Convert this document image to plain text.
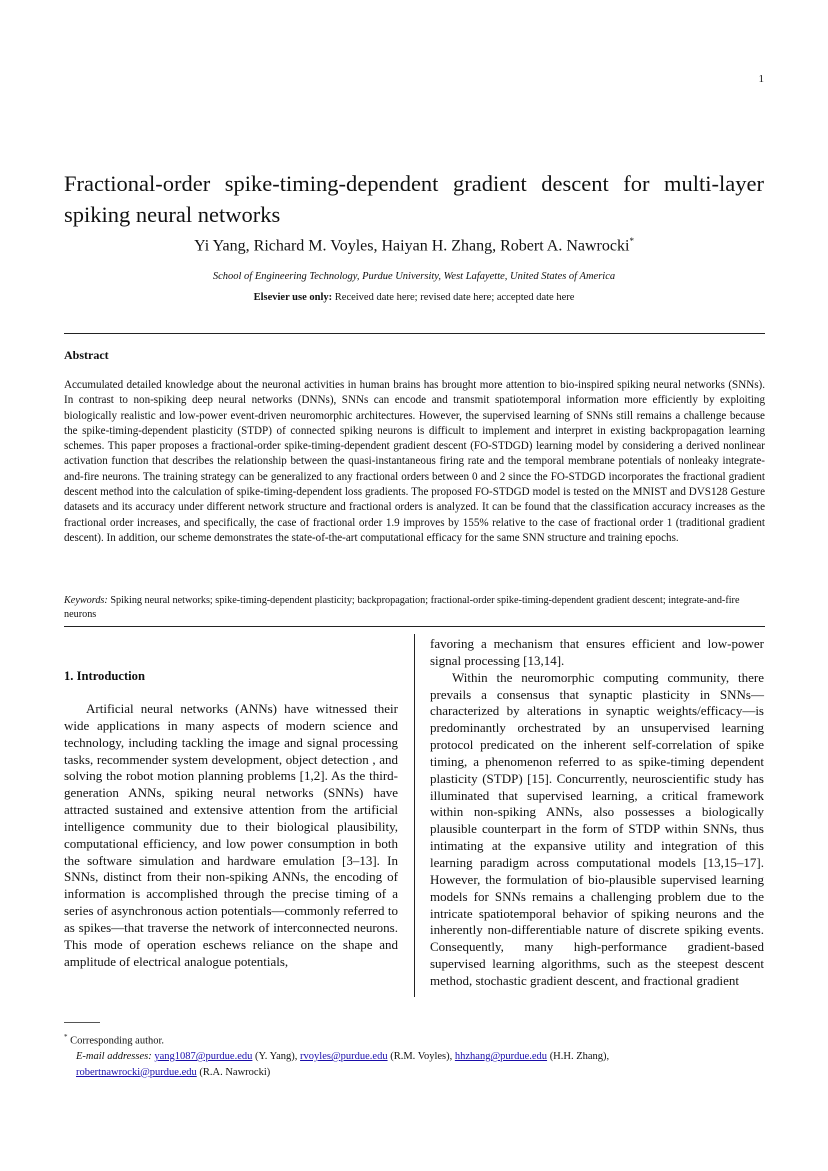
1
Fractional-order spike-timing-dependent gradient descent for multi-layer spiking neural networks
Yi Yang, Richard M. Voyles, Haiyan H. Zhang, Robert A. Nawrocki*
School of Engineering Technology, Purdue University, West Lafayette, United States of America
Elsevier use only: Received date here; revised date here; accepted date here
Abstract
Accumulated detailed knowledge about the neuronal activities in human brains has brought more attention to bio-inspired spiking neural networks (SNNs). In contrast to non-spiking deep neural networks (DNNs), SNNs can encode and transmit spatiotemporal information more efficiently by exploiting biologically realistic and low-power event-driven neuromorphic architectures. However, the supervised learning of SNNs still remains a challenge because the spike-timing-dependent plasticity (STDP) of connected spiking neurons is difficult to implement and interpret in existing backpropagation learning schemes. This paper proposes a fractional-order spike-timing-dependent gradient descent (FO-STDGD) learning model by considering a derived nonlinear activation function that describes the relationship between the quasi-instantaneous firing rate and the temporal membrane potentials of nonleaky integrate-and-fire neurons. The training strategy can be generalized to any fractional orders between 0 and 2 since the FO-STDGD incorporates the fractional gradient descent method into the calculation of spike-timing-dependent loss gradients. The proposed FO-STDGD model is tested on the MNIST and DVS128 Gesture datasets and its accuracy under different network structure and fractional orders is analyzed. It can be found that the classification accuracy increases as the fractional order increases, and specifically, the case of fractional order 1.9 improves by 155% relative to the case of fractional order 1 (traditional gradient descent). In addition, our scheme demonstrates the state-of-the-art computational efficacy for the same SNN structure and training epochs.
Keywords: Spiking neural networks; spike-timing-dependent plasticity; backpropagation; fractional-order spike-timing-dependent gradient descent; integrate-and-fire neurons
1. Introduction

Artificial neural networks (ANNs) have witnessed their wide applications in many aspects of modern science and technology, including tackling the image and signal processing tasks, recommender system development, object detection , and solving the robot motion planning problems [1,2]. As the third-generation ANNs, spiking neural networks (SNNs) have attracted sustained and extensive attention from the artificial intelligence community due to their biological plausibility, computational efficiency, and low power consumption in both the software simulation and hardware emulation [3–13]. In SNNs, distinct from their non-spiking ANNs, the encoding of information is accomplished through the precise timing of a series of asynchronous action potentials—commonly referred to as spikes—that traverse the network of interconnected neurons. This mode of operation eschews reliance on the shape and amplitude of electrical analogue potentials,

favoring a mechanism that ensures efficient and low-power signal processing [13,14].

Within the neuromorphic computing community, there prevails a consensus that synaptic plasticity in SNNs—characterized by alterations in synaptic weights/efficacy—is predominantly orchestrated by an unsupervised learning protocol predicated on the inherent self-correlation of spike timing, a phenomenon referred to as spike-timing dependent plasticity (STDP) [15]. Concurrently, neuroscientific study has illuminated that supervised learning, a critical framework within non-spiking ANNs, also possesses a biologically plausible counterpart in the form of STDP within SNNs, thus intimating at the expansive utility and integration of this learning paradigm across computational models [13,15–17]. However, the formulation of bio-plausible supervised learning models for SNNs remains a challenging problem due to the intricate spatiotemporal behavior of spiking neurons and the inherently non-differentiable nature of discrete spiking events. Consequently, many high-performance gradient-based supervised learning algorithms, such as the steepest descent method, stochastic gradient descent, and fractional gradient

* Corresponding author.
E-mail addresses: yang1087@purdue.edu (Y. Yang), rvoyles@purdue.edu (R.M. Voyles), hhzhang@purdue.edu (H.H. Zhang),
robertnawrocki@purdue.edu (R.A. Nawrocki)
